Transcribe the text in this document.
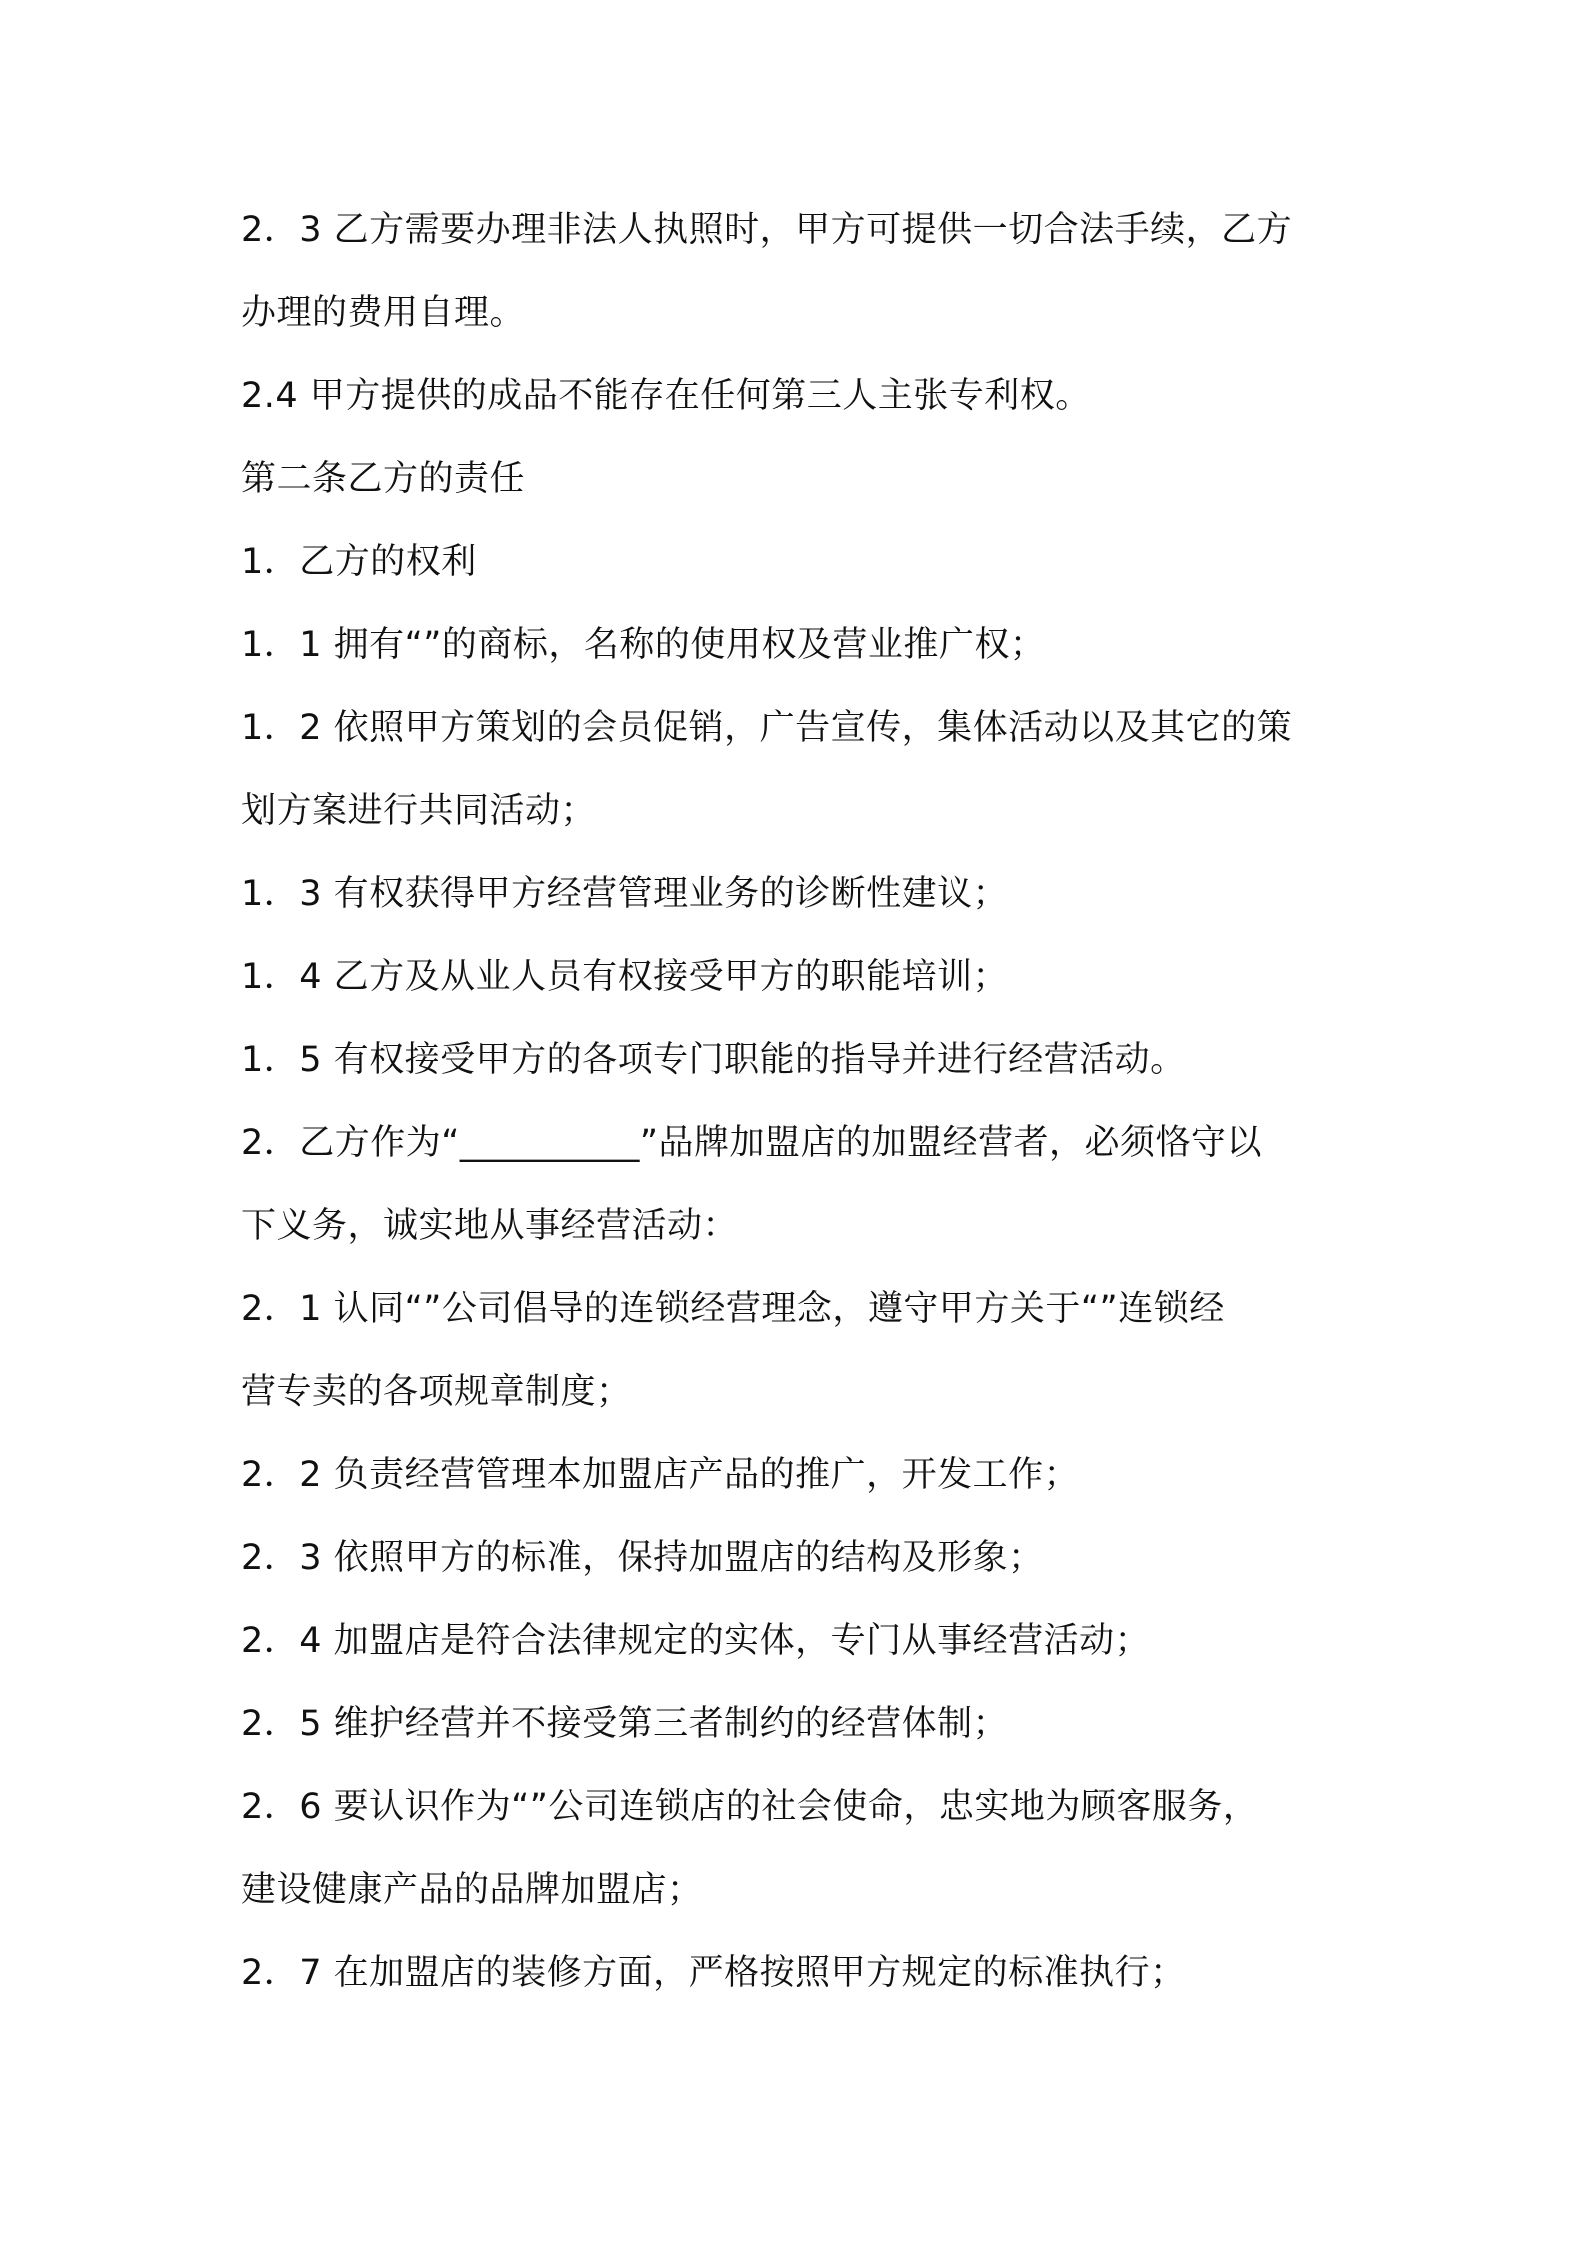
2．3 乙方需要办理非法人执照时，甲方可提供一切合法手续，乙方

办理的费用自理。

2.4 甲方提供的成品不能存在任何第三人主张专利权。

第二条乙方的责任

1．乙方的权利

1．1 拥有“”的商标，名称的使用权及营业推广权；

1．2 依照甲方策划的会员促销，广告宣传，集体活动以及其它的策

划方案进行共同活动；

1．3 有权获得甲方经营管理业务的诊断性建议；

1．4 乙方及从业人员有权接受甲方的职能培训；

1．5 有权接受甲方的各项专门职能的指导并进行经营活动。

2．乙方作为“__________”品牌加盟店的加盟经营者，必须恪守以

下义务，诚实地从事经营活动：

2．1 认同“”公司倡导的连锁经营理念，遵守甲方关于“”连锁经

营专卖的各项规章制度；

2．2 负责经营管理本加盟店产品的推广，开发工作；

2．3 依照甲方的标准，保持加盟店的结构及形象；

2．4 加盟店是符合法律规定的实体，专门从事经营活动；

2．5 维护经营并不接受第三者制约的经营体制；

2．6 要认识作为“”公司连锁店的社会使命，忠实地为顾客服务，

建设健康产品的品牌加盟店；

2．7 在加盟店的装修方面，严格按照甲方规定的标准执行；
